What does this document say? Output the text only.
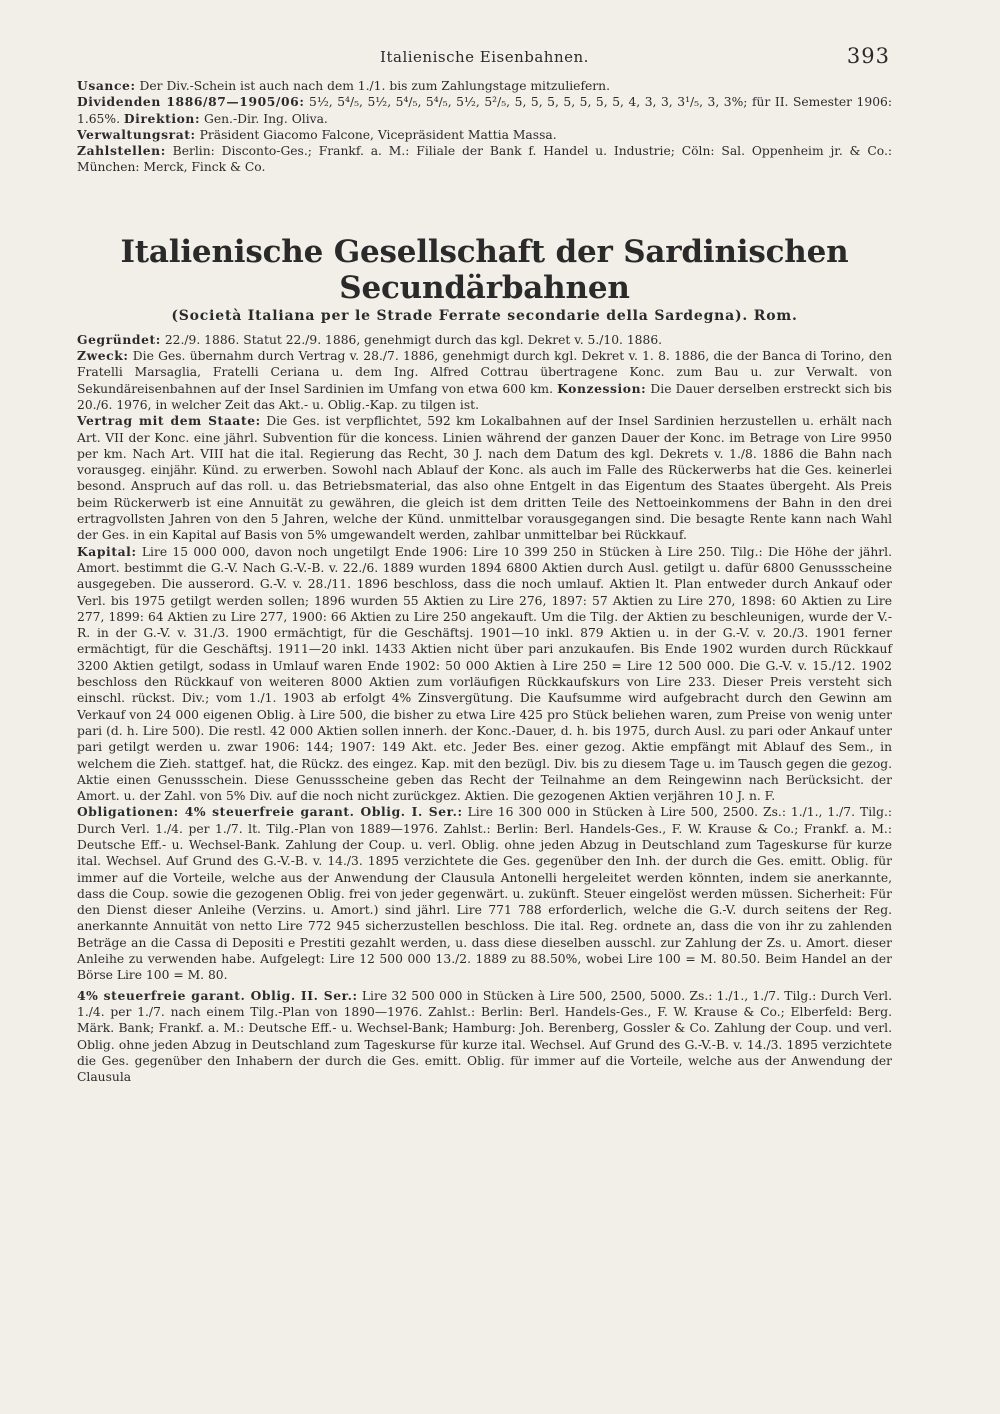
Italienische Eisenbahnen.	393

Usance: Der Div.-Schein ist auch nach dem 1./1. bis zum Zahlungstage mitzuliefern.

Dividenden 1886/87—1905/06: 5½, 5⁴/₅, 5½, 5⁴/₅, 5⁴/₅, 5½, 5²/₅, 5, 5, 5, 5, 5, 5, 5, 4, 3, 3, 3¹/₅, 3, 3%; für II. Semester 1906: 1.65%. Direktion: Gen.-Dir. Ing. Oliva.

Verwaltungsrat: Präsident Giacomo Falcone, Vicepräsident Mattia Massa.

Zahlstellen: Berlin: Disconto-Ges.; Frankf. a. M.: Filiale der Bank f. Handel u. Industrie; Cöln: Sal. Oppenheim jr. & Co.: München: Merck, Finck & Co.

Italienische Gesellschaft der Sardinischen Secundärbahnen
(Società Italiana per le Strade Ferrate secondarie della Sardegna). Rom.

Gegründet: 22./9. 1886. Statut 22./9. 1886, genehmigt durch das kgl. Dekret v. 5./10. 1886.

Zweck: Die Ges. übernahm durch Vertrag v. 28./7. 1886, genehmigt durch kgl. Dekret v. 1. 8. 1886, die der Banca di Torino, den Fratelli Marsaglia, Fratelli Ceriana u. dem Ing. Alfred Cottrau übertragene Konc. zum Bau u. zur Verwalt. von Sekundäreisenbahnen auf der Insel Sardinien im Umfang von etwa 600 km. Konzession: Die Dauer derselben erstreckt sich bis 20./6. 1976, in welcher Zeit das Akt.- u. Oblig.-Kap. zu tilgen ist.

Vertrag mit dem Staate: Die Ges. ist verpflichtet, 592 km Lokalbahnen auf der Insel Sardinien herzustellen u. erhält nach Art. VII der Konc. eine jährl. Subvention für die koncess. Linien während der ganzen Dauer der Konc. im Betrage von Lire 9950 per km. Nach Art. VIII hat die ital. Regierung das Recht, 30 J. nach dem Datum des kgl. Dekrets v. 1./8. 1886 die Bahn nach vorausgeg. einjähr. Künd. zu erwerben. Sowohl nach Ablauf der Konc. als auch im Falle des Rückerwerbs hat die Ges. keinerlei besond. Anspruch auf das roll. u. das Betriebsmaterial, das also ohne Entgelt in das Eigentum des Staates übergeht. Als Preis beim Rückerwerb ist eine Annuität zu gewähren, die gleich ist dem dritten Teile des Nettoeinkommens der Bahn in den drei ertragvollsten Jahren von den 5 Jahren, welche der Künd. unmittelbar vorausgegangen sind. Die besagte Rente kann nach Wahl der Ges. in ein Kapital auf Basis von 5% umgewandelt werden, zahlbar unmittelbar bei Rückkauf.

Kapital: Lire 15 000 000, davon noch ungetilgt Ende 1906: Lire 10 399 250 in Stücken à Lire 250. Tilg.: Die Höhe der jährl. Amort. bestimmt die G.-V. Nach G.-V.-B. v. 22./6. 1889 wurden 1894 6800 Aktien durch Ausl. getilgt u. dafür 6800 Genussscheine ausgegeben. Die ausserord. G.-V. v. 28./11. 1896 beschloss, dass die noch umlauf. Aktien lt. Plan entweder durch Ankauf oder Verl. bis 1975 getilgt werden sollen; 1896 wurden 55 Aktien zu Lire 276, 1897: 57 Aktien zu Lire 270, 1898: 60 Aktien zu Lire 277, 1899: 64 Aktien zu Lire 277, 1900: 66 Aktien zu Lire 250 angekauft. Um die Tilg. der Aktien zu beschleunigen, wurde der V.-R. in der G.-V. v. 31./3. 1900 ermächtigt, für die Geschäftsj. 1901—10 inkl. 879 Aktien u. in der G.-V. v. 20./3. 1901 ferner ermächtigt, für die Geschäftsj. 1911—20 inkl. 1433 Aktien nicht über pari anzukaufen. Bis Ende 1902 wurden durch Rückkauf 3200 Aktien getilgt, sodass in Umlauf waren Ende 1902: 50 000 Aktien à Lire 250 = Lire 12 500 000. Die G.-V. v. 15./12. 1902 beschloss den Rückkauf von weiteren 8000 Aktien zum vorläufigen Rückkaufskurs von Lire 233. Dieser Preis versteht sich einschl. rückst. Div.; vom 1./1. 1903 ab erfolgt 4% Zinsvergütung. Die Kaufsumme wird aufgebracht durch den Gewinn am Verkauf von 24 000 eigenen Oblig. à Lire 500, die bisher zu etwa Lire 425 pro Stück beliehen waren, zum Preise von wenig unter pari (d. h. Lire 500). Die restl. 42 000 Aktien sollen innerh. der Konc.-Dauer, d. h. bis 1975, durch Ausl. zu pari oder Ankauf unter pari getilgt werden u. zwar 1906: 144; 1907: 149 Akt. etc. Jeder Bes. einer gezog. Aktie empfängt mit Ablauf des Sem., in welchem die Zieh. stattgef. hat, die Rückz. des eingez. Kap. mit den bezügl. Div. bis zu diesem Tage u. im Tausch gegen die gezog. Aktie einen Genussschein. Diese Genussscheine geben das Recht der Teilnahme an dem Reingewinn nach Berücksicht. der Amort. u. der Zahl. von 5% Div. auf die noch nicht zurückgez. Aktien. Die gezogenen Aktien verjähren 10 J. n. F.

Obligationen: 4% steuerfreie garant. Oblig. I. Ser.: Lire 16 300 000 in Stücken à Lire 500, 2500. Zs.: 1./1., 1./7. Tilg.: Durch Verl. 1./4. per 1./7. lt. Tilg.-Plan von 1889—1976. Zahlst.: Berlin: Berl. Handels-Ges., F. W. Krause & Co.; Frankf. a. M.: Deutsche Eff.- u. Wechsel-Bank. Zahlung der Coup. u. verl. Oblig. ohne jeden Abzug in Deutschland zum Tageskurse für kurze ital. Wechsel. Auf Grund des G.-V.-B. v. 14./3. 1895 verzichtete die Ges. gegenüber den Inh. der durch die Ges. emitt. Oblig. für immer auf die Vorteile, welche aus der Anwendung der Clausula Antonelli hergeleitet werden könnten, indem sie anerkannte, dass die Coup. sowie die gezogenen Oblig. frei von jeder gegenwärt. u. zukünft. Steuer eingelöst werden müssen. Sicherheit: Für den Dienst dieser Anleihe (Verzins. u. Amort.) sind jährl. Lire 771 788 erforderlich, welche die G.-V. durch seitens der Reg. anerkannte Annuität von netto Lire 772 945 sicherzustellen beschloss. Die ital. Reg. ordnete an, dass die von ihr zu zahlenden Beträge an die Cassa di Depositi e Prestiti gezahlt werden, u. dass diese dieselben ausschl. zur Zahlung der Zs. u. Amort. dieser Anleihe zu verwenden habe. Aufgelegt: Lire 12 500 000 13./2. 1889 zu 88.50%, wobei Lire 100 = M. 80.50. Beim Handel an der Börse Lire 100 = M. 80.

4% steuerfreie garant. Oblig. II. Ser.: Lire 32 500 000 in Stücken à Lire 500, 2500, 5000. Zs.: 1./1., 1./7. Tilg.: Durch Verl. 1./4. per 1./7. nach einem Tilg.-Plan von 1890—1976. Zahlst.: Berlin: Berl. Handels-Ges., F. W. Krause & Co.; Elberfeld: Berg. Märk. Bank; Frankf. a. M.: Deutsche Eff.- u. Wechsel-Bank; Hamburg: Joh. Berenberg, Gossler & Co. Zahlung der Coup. und verl. Oblig. ohne jeden Abzug in Deutschland zum Tageskurse für kurze ital. Wechsel. Auf Grund des G.-V.-B. v. 14./3. 1895 verzichtete die Ges. gegenüber den Inhabern der durch die Ges. emitt. Oblig. für immer auf die Vorteile, welche aus der Anwendung der Clausula
